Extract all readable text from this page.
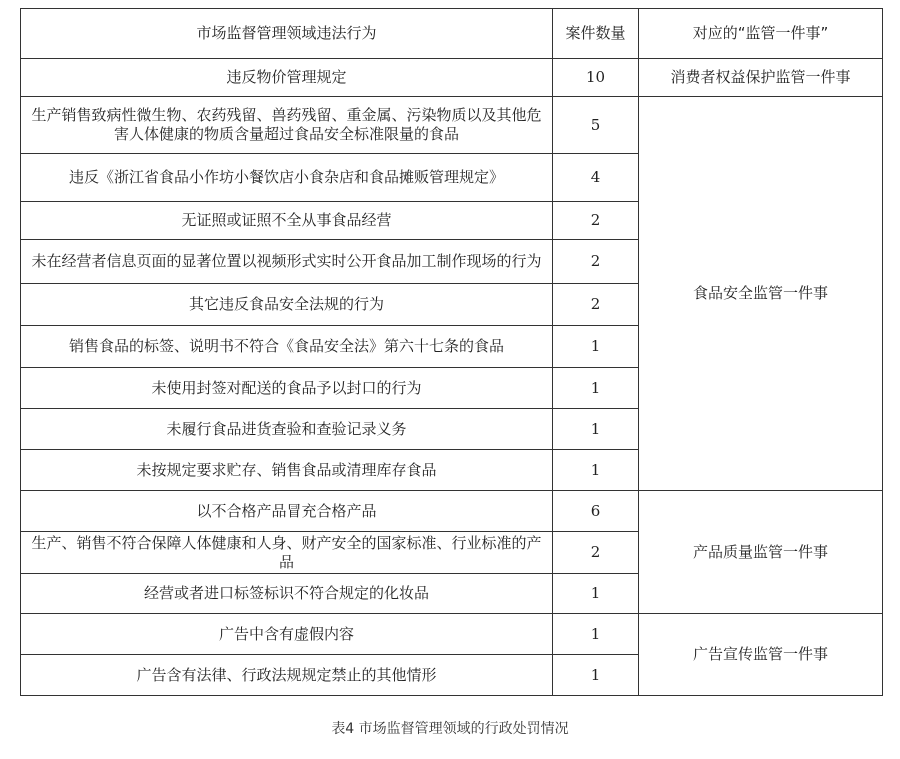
市场监督管理领域违法行为	案件数量	对应的“监管一件事”
违反物价管理规定	10	消费者权益保护监管一件事
生产销售致病性微生物、农药残留、兽药残留、重金属、污染物质以及其他危害人体健康的物质含量超过食品安全标准限量的食品	5	食品安全监管一件事
违反《浙江省食品小作坊小餐饮店小食杂店和食品摊贩管理规定》	4	
无证照或证照不全从事食品经营	2	
未在经营者信息页面的显著位置以视频形式实时公开食品加工制作现场的行为	2	
其它违反食品安全法规的行为	2	
销售食品的标签、说明书不符合《食品安全法》第六十七条的食品	1	
未使用封签对配送的食品予以封口的行为	1	
未履行食品进货查验和查验记录义务	1	
未按规定要求贮存、销售食品或清理库存食品	1	
以不合格产品冒充合格产品	6	产品质量监管一件事
生产、销售不符合保障人体健康和人身、财产安全的国家标准、行业标准的产品	2	
经营或者进口标签标识不符合规定的化妆品	1	
广告中含有虚假内容	1	广告宣传监管一件事
广告含有法律、行政法规规定禁止的其他情形	1	
表4 市场监督管理领域的行政处罚情况
